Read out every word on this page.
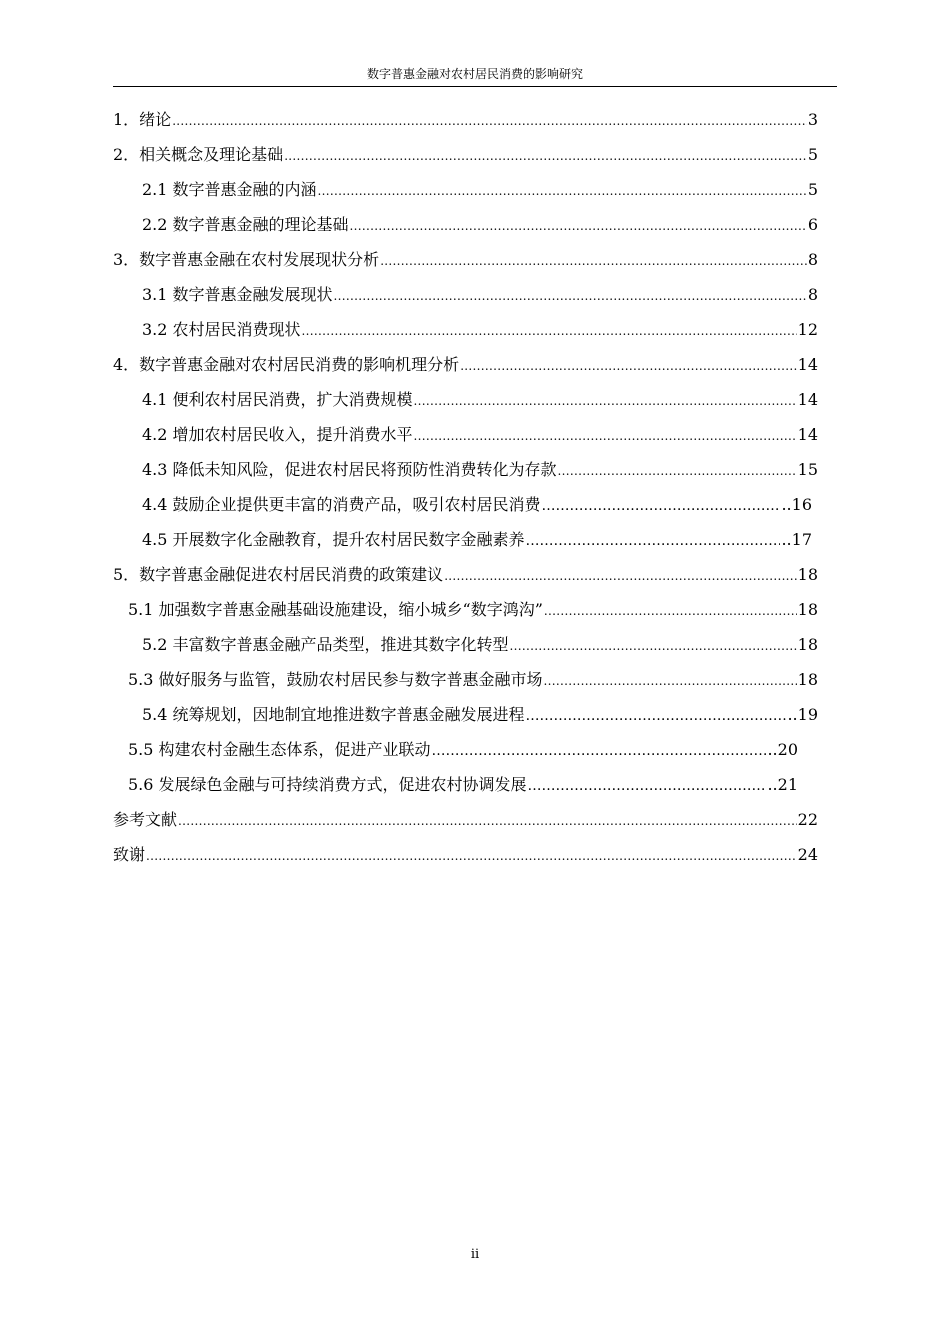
数字普惠金融对农村居民消费的影响研究
1．绪论 .....	3
2．相关概念及理论基础 .....	5
2.1 数字普惠金融的内涵 .....	5
2.2 数字普惠金融的理论基础 .....	6
3．数字普惠金融在农村发展现状分析 .....	8
3.1 数字普惠金融发展现状 .....	8
3.2 农村居民消费现状 .....	12
4．数字普惠金融对农村居民消费的影响机理分析 .....	14
4.1 便利农村居民消费，扩大消费规模 .....	14
4.2 增加农村居民收入，提升消费水平 .....	14
4.3 降低未知风险，促进农村居民将预防性消费转化为存款 .....	15
4.4 鼓励企业提供更丰富的消费产品，吸引农村居民消费 ………………………………………………………………………………………………………………………………………………………………………………	..16
4.5 开展数字化金融教育，提升农村居民数字金融素养 ………………………………………………………………………………………………………………………………………………………………………………	..17
5．数字普惠金融促进农村居民消费的政策建议 .....	18
5.1 加强数字普惠金融基础设施建设，缩小城乡“数字鸿沟” .....	18
5.2 丰富数字普惠金融产品类型，推进其数字化转型 .....	18
5.3 做好服务与监管，鼓励农村居民参与数字普惠金融市场 .....	18
5.4 统筹规划，因地制宜地推进数字普惠金融发展进程 ………………………………………………………………………………………………………………………………………………………………………………	..19
5.5 构建农村金融生态体系，促进产业联动 ………………………………………………………………………………………………………………………………………………………………………………	..20
5.6 发展绿色金融与可持续消费方式，促进农村协调发展 ………………………………………………………………………………………………………………………………………………………………………………	..21
参考文献 .....	22
致谢 .....	24
ii
